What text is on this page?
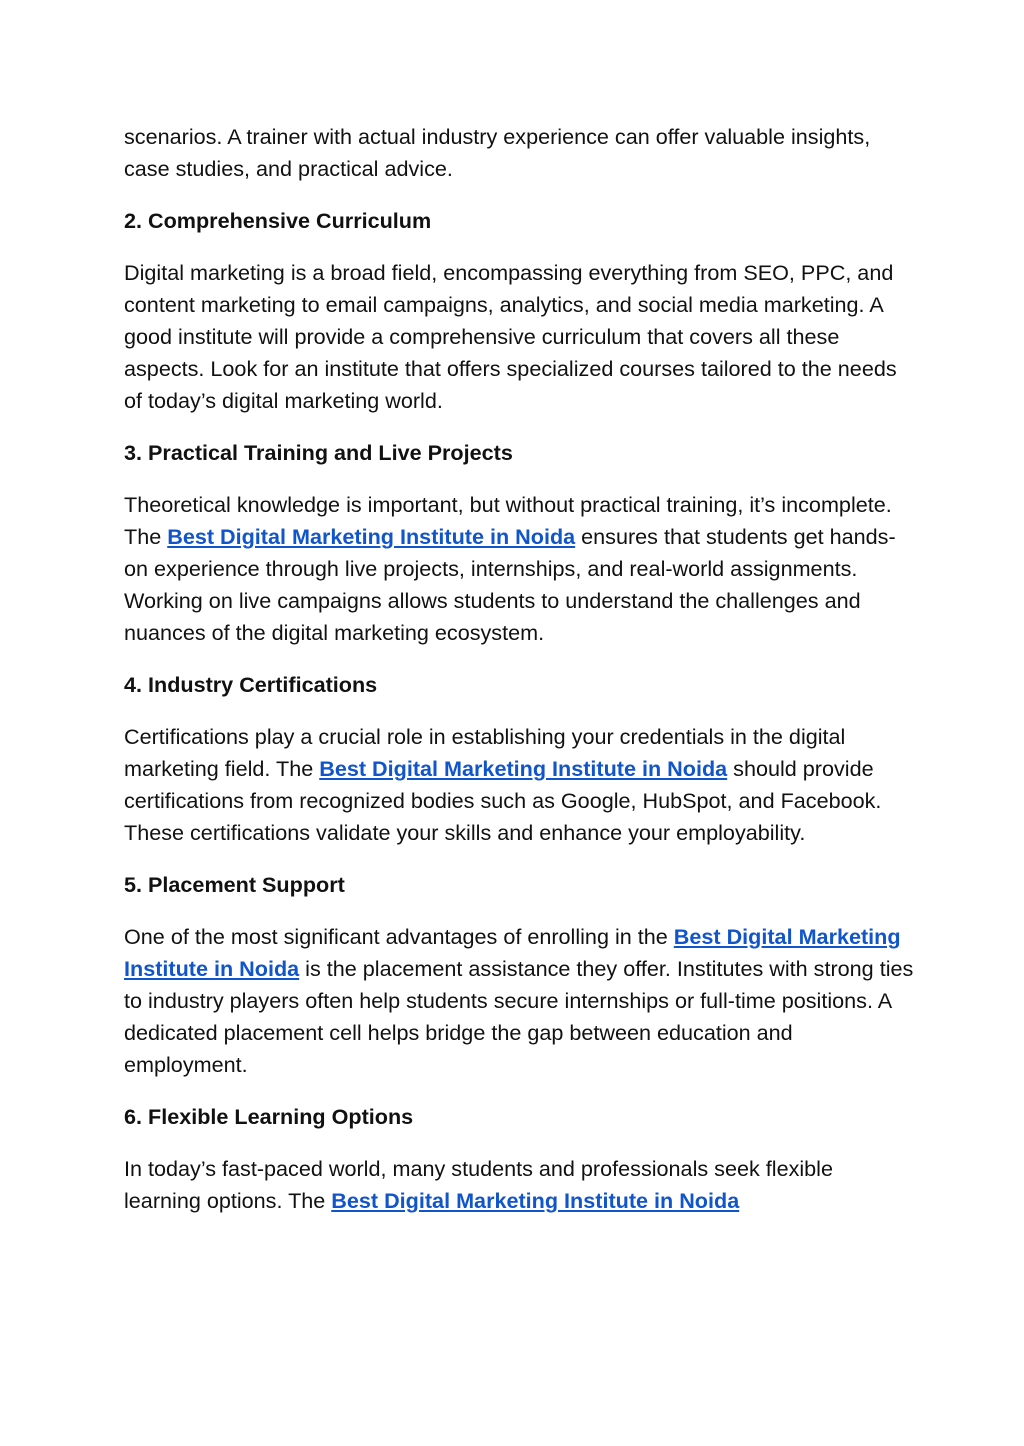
scenarios. A trainer with actual industry experience can offer valuable insights, case studies, and practical advice.

2. Comprehensive Curriculum

Digital marketing is a broad field, encompassing everything from SEO, PPC, and content marketing to email campaigns, analytics, and social media marketing. A good institute will provide a comprehensive curriculum that covers all these aspects. Look for an institute that offers specialized courses tailored to the needs of today’s digital marketing world.

3. Practical Training and Live Projects

Theoretical knowledge is important, but without practical training, it’s incomplete. The Best Digital Marketing Institute in Noida ensures that students get hands-on experience through live projects, internships, and real-world assignments. Working on live campaigns allows students to understand the challenges and nuances of the digital marketing ecosystem.

4. Industry Certifications

Certifications play a crucial role in establishing your credentials in the digital marketing field. The Best Digital Marketing Institute in Noida should provide certifications from recognized bodies such as Google, HubSpot, and Facebook. These certifications validate your skills and enhance your employability.

5. Placement Support

One of the most significant advantages of enrolling in the Best Digital Marketing Institute in Noida is the placement assistance they offer. Institutes with strong ties to industry players often help students secure internships or full-time positions. A dedicated placement cell helps bridge the gap between education and employment.

6. Flexible Learning Options

In today’s fast-paced world, many students and professionals seek flexible learning options. The Best Digital Marketing Institute in Noida
